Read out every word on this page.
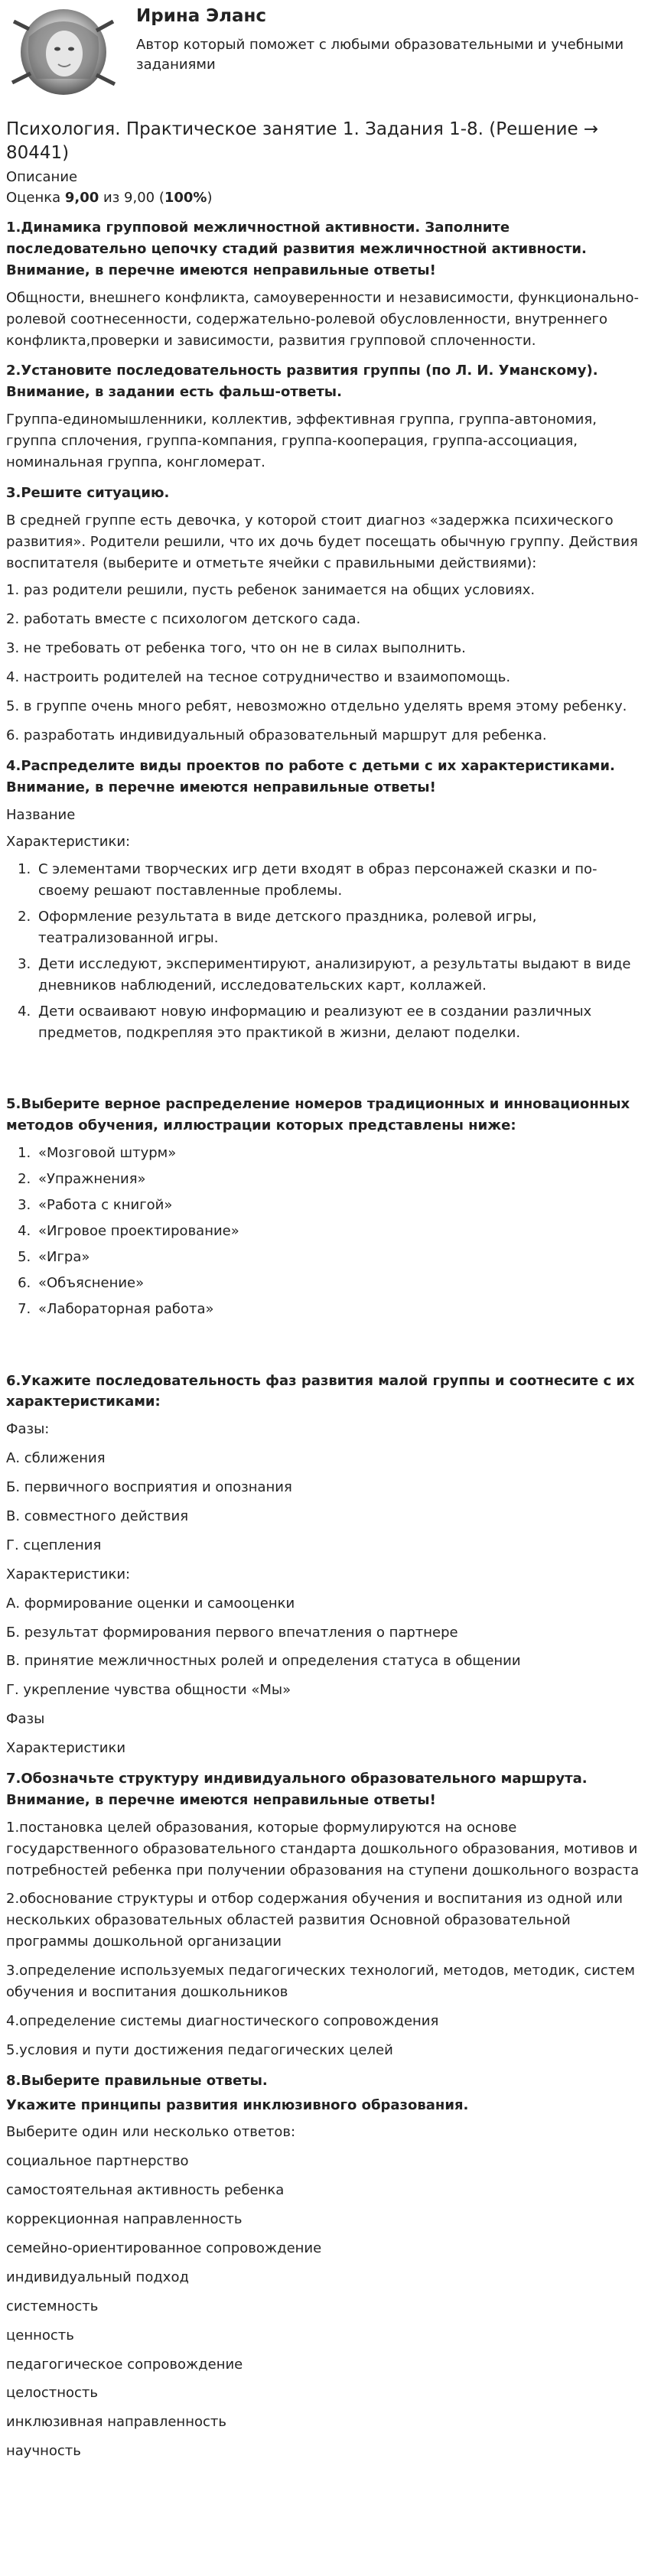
Ирина Эланс
Автор который поможет с любыми образовательными и учебными заданиями
Психология. Практическое занятие 1. Задания 1-8. (Решение → 80441)
Описание
Оценка 9,00 из 9,00 (100%)
1.Динамика групповой межличностной активности. Заполните последовательно цепочку стадий развития межличностной активности. Внимание, в перечне имеются неправильные ответы!

Общности, внешнего конфликта, самоуверенности и независимости, функционально-ролевой соотнесенности, содержательно-ролевой обусловленности, внутреннего конфликта,проверки и зависимости, развития групповой сплоченности.

2.Установите последовательность развития группы (по Л. И. Уманскому). Внимание, в задании есть фальш-ответы.

Группа-единомышленники, коллектив, эффективная группа, группа-автономия, группа сплочения, группа-компания, группа-кооперация, группа-ассоциация, номинальная группа, конгломерат.

3.Решите ситуацию.

В средней группе есть девочка, у которой стоит диагноз «задержка психического развития». Родители решили, что их дочь будет посещать обычную группу. Действия воспитателя (выберите и отметьте ячейки с правильными действиями):

1. раз родители решили, пусть ребенок занимается на общих условиях.
2. работать вместе с психологом детского сада.
3. не требовать от ребенка того, что он не в силах выполнить.
4. настроить родителей на тесное сотрудничество и взаимопомощь.
5. в группе очень много ребят, невозможно отдельно уделять время этому ребенку.
6. разработать индивидуальный образовательный маршрут для ребенка.
4.Распределите виды проектов по работе с детьми с их характеристиками. Внимание, в перечне имеются неправильные ответы!

Название

Характеристики:

1. С элементами творческих игр дети входят в образ персонажей сказки и по-своему решают поставленные проблемы.
2. Оформление результата в виде детского праздника, ролевой игры, театрализованной игры.
3. Дети исследуют, экспериментируют, анализируют, а результаты выдают в виде дневников наблюдений, исследовательских карт, коллажей.
4. Дети осваивают новую информацию и реализуют ее в создании различных предметов, подкрепляя это практикой в жизни, делают поделки.
5.Выберите верное распределение номеров традиционных и инновационных методов обучения, иллюстрации которых представлены ниже:
1. «Мозговой штурм»
2. «Упражнения»
3. «Работа с книгой»
4. «Игровое проектирование»
5. «Игра»
6. «Объяснение»
7. «Лабораторная работа»
6.Укажите последовательность фаз развития малой группы и соотнесите с их характеристиками:
Фазы:
А. сближения
Б. первичного восприятия и опознания
В. совместного действия
Г. сцепления
Характеристики:
А. формирование оценки и самооценки
Б. результат формирования первого впечатления о партнере
В. принятие межличностных ролей и определения статуса в общении
Г. укрепление чувства общности «Мы»
Фазы
Характеристики
7.Обозначьте структуру индивидуального образовательного маршрута. Внимание, в перечне имеются неправильные ответы!
1.постановка целей образования, которые формулируются на основе государственного образовательного стандарта дошкольного образования, мотивов и потребностей ребенка при получении образования на ступени дошкольного возраста
2.обоснование структуры и отбор содержания обучения и воспитания из одной или нескольких образовательных областей развития Основной образовательной программы дошкольной организации
3.определение используемых педагогических технологий, методов, методик, систем обучения и воспитания дошкольников
4.определение системы диагностического сопровождения
5.условия и пути достижения педагогических целей
8.Выберите правильные ответы.
Укажите принципы развития инклюзивного образования.
Выберите один или несколько ответов:
социальное партнерство
самостоятельная активность ребенка
коррекционная направленность
семейно-ориентированное сопровождение
индивидуальный подход
системность
ценность
педагогическое сопровождение
целостность
инклюзивная направленность
научность
